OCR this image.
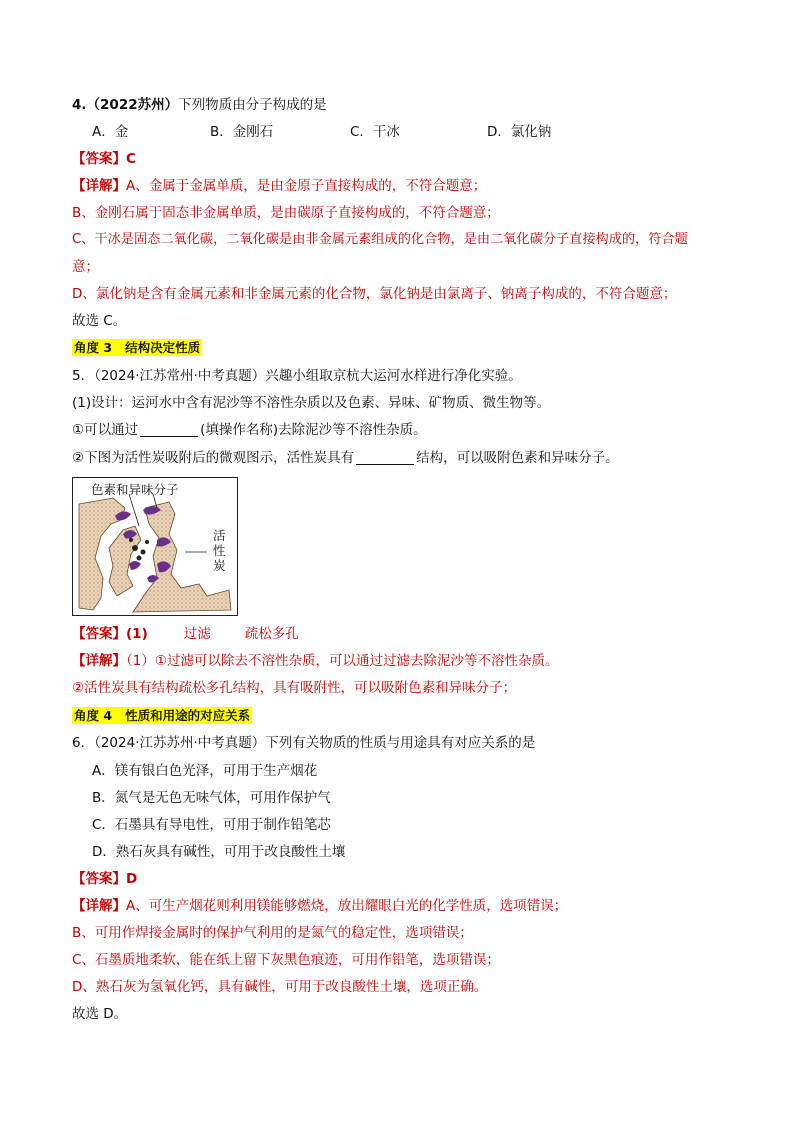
4.（2022苏州）下列物质由分子构成的是
A．金	B．金刚石	C．干冰	D．氯化钠
【答案】C
【详解】A、金属于金属单质，是由金原子直接构成的，不符合题意；
B、金刚石属于固态非金属单质，是由碳原子直接构成的，不符合题意；
C、干冰是固态二氧化碳，二氧化碳是由非金属元素组成的化合物，是由二氧化碳分子直接构成的，符合题
意；
D、氯化钠是含有金属元素和非金属元素的化合物，氯化钠是由氯离子、钠离子构成的，不符合题意；
故选 C。
角度 3 结构决定性质
5．（2024·江苏常州·中考真题）兴趣小组取京杭大运河水样进行净化实验。
(1)设计：运河水中含有泥沙等不溶性杂质以及色素、异味、矿物质、微生物等。
①可以通过	(填操作名称)去除泥沙等不溶性杂质。
②下图为活性炭吸附后的微观图示，活性炭具有	结构，可以吸附色素和异味分子。
色素和异味分子
活
性
炭
【答案】(1)	过滤	疏松多孔
【详解】（1）①过滤可以除去不溶性杂质，可以通过过滤去除泥沙等不溶性杂质。
②活性炭具有结构疏松多孔结构，具有吸附性，可以吸附色素和异味分子；
角度 4 性质和用途的对应关系
6．（2024·江苏苏州·中考真题）下列有关物质的性质与用途具有对应关系的是
A．镁有银白色光泽，可用于生产烟花
B．氮气是无色无味气体，可用作保护气
C．石墨具有导电性，可用于制作铅笔芯
D．熟石灰具有碱性，可用于改良酸性土壤
【答案】D
【详解】A、可生产烟花则利用镁能够燃烧，放出耀眼白光的化学性质，选项错误；
B、可用作焊接金属时的保护气利用的是氮气的稳定性，选项错误；
C、石墨质地柔软，能在纸上留下灰黑色痕迹，可用作铅笔，选项错误；
D、熟石灰为氢氧化钙，具有碱性，可用于改良酸性土壤，选项正确。
故选 D。
